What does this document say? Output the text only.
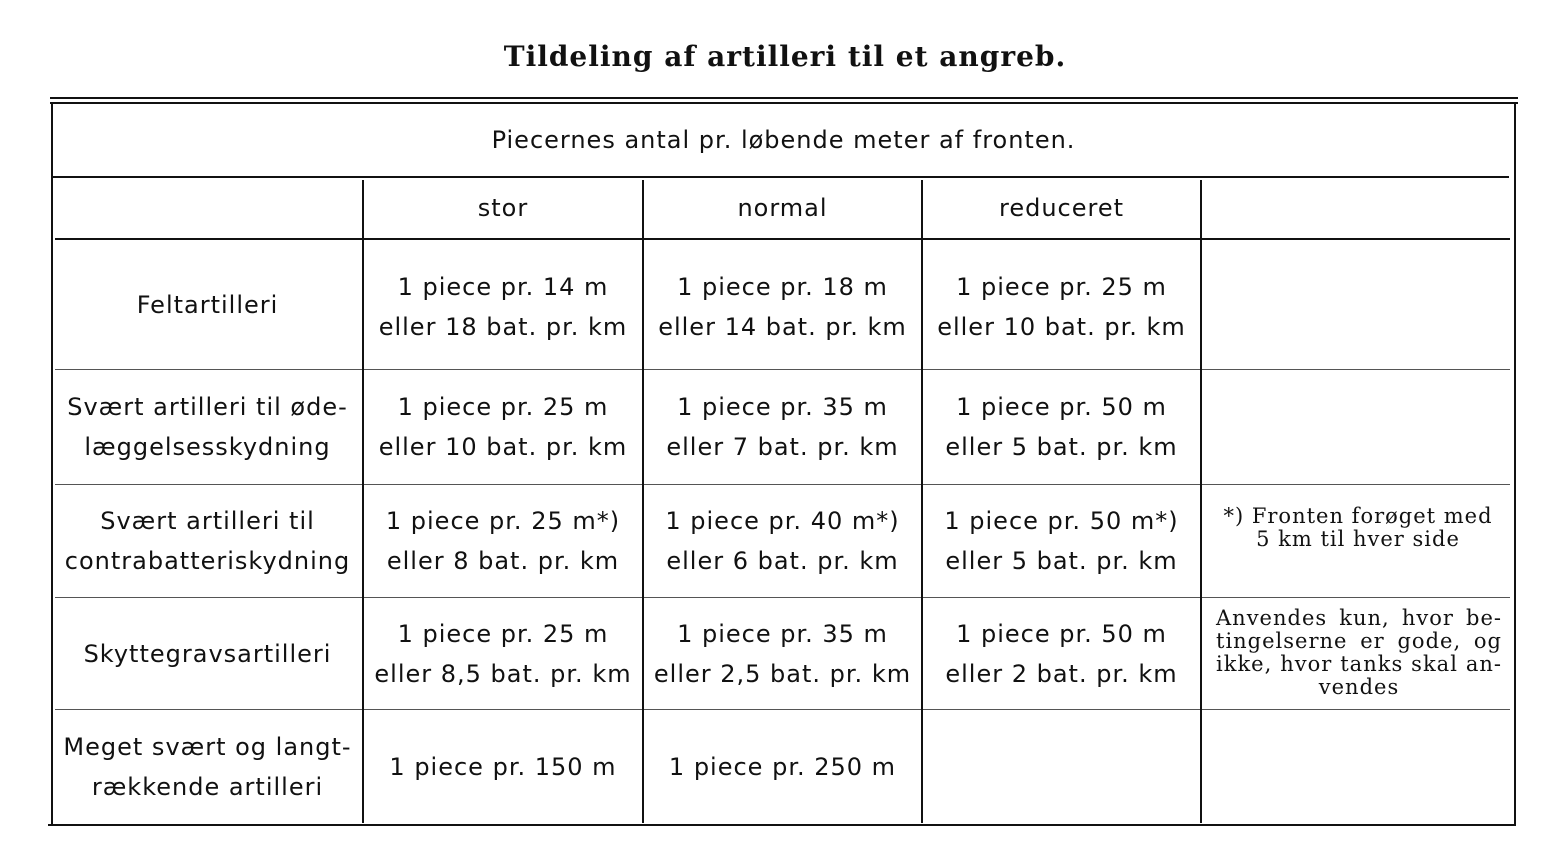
Tildeling af artilleri til et angreb.
Piecernes antal pr. løbende meter af fronten.
stor	normal	reduceret
Feltartilleri
1 piece pr. 14 m
eller 18 bat. pr. km
1 piece pr. 18 m
eller 14 bat. pr. km
1 piece pr. 25 m
eller 10 bat. pr. km
Svært artilleri til øde-
læggelsesskydning
1 piece pr. 25 m
eller 10 bat. pr. km
1 piece pr. 35 m
eller 7 bat. pr. km
1 piece pr. 50 m
eller 5 bat. pr. km
Svært artilleri til
contrabatteriskydning
1 piece pr. 25 m*)
eller 8 bat. pr. km
1 piece pr. 40 m*)
eller 6 bat. pr. km
1 piece pr. 50 m*)
eller 5 bat. pr. km
*) Fronten forøget med
5 km til hver side
Skyttegravsartilleri
1 piece pr. 25 m
eller 8,5 bat. pr. km
1 piece pr. 35 m
eller 2,5 bat. pr. km
1 piece pr. 50 m
eller 2 bat. pr. km
Anvendes kun, hvor be-
tingelserne er gode, og
ikke, hvor tanks skal an-
vendes
Meget svært og langt-
rækkende artilleri
1 piece pr. 150 m 1 piece pr. 250 m
